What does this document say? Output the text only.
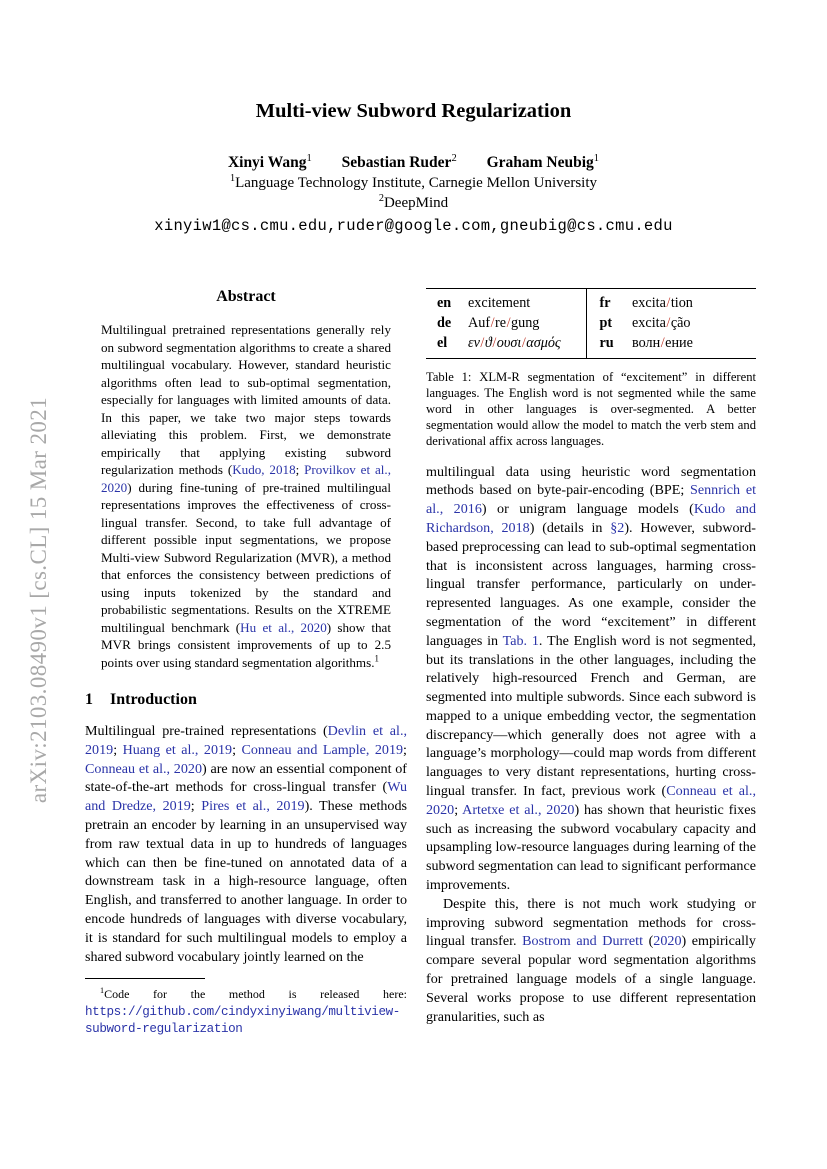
arXiv:2103.08490v1 [cs.CL] 15 Mar 2021
Multi-view Subword Regularization
Xinyi Wang$^1$ Sebastian Ruder$^2$ Graham Neubig$^1$
$^1$Language Technology Institute, Carnegie Mellon University
$^2$DeepMind
xinyiw1@cs.cmu.edu,ruder@google.com,gneubig@cs.cmu.edu
Abstract

Multilingual pretrained representations generally rely on subword segmentation algorithms to create a shared multilingual vocabulary. However, standard heuristic algorithms often lead to sub-optimal segmentation, especially for languages with limited amounts of data. In this paper, we take two major steps towards alleviating this problem. First, we demonstrate empirically that applying existing subword regularization methods (Kudo, 2018; Provilkov et al., 2020) during fine-tuning of pre-trained multilingual representations improves the effectiveness of cross-lingual transfer. Second, to take full advantage of different possible input segmentations, we propose Multi-view Subword Regularization (MVR), a method that enforces the consistency between predictions of using inputs tokenized by the standard and probabilistic segmentations. Results on the XTREME multilingual benchmark (Hu et al., 2020) show that MVR brings consistent improvements of up to 2.5 points over using standard segmentation algorithms.$^1$

1 Introduction

Multilingual pre-trained representations (Devlin et al., 2019; Huang et al., 2019; Conneau and Lample, 2019; Conneau et al., 2020) are now an essential component of state-of-the-art methods for cross-lingual transfer (Wu and Dredze, 2019; Pires et al., 2019). These methods pretrain an encoder by learning in an unsupervised way from raw textual data in up to hundreds of languages which can then be fine-tuned on annotated data of a downstream task in a high-resource language, often English, and transferred to another language. In order to encode hundreds of languages with diverse vocabulary, it is standard for such multilingual models to employ a shared subword vocabulary jointly learned on the

$^1$Code for the method is released here: https://github.com/cindyxinyiwang/multiview-subword-regularization

en	excitement	fr	excita/tion
de	Auf/re/gung	pt	excita/ção
el	εν/ϑ/ουσι/ασμός	ru	волн/ение

Table 1: XLM-R segmentation of “excitement” in different languages. The English word is not segmented while the same word in other languages is over-segmented. A better segmentation would allow the model to match the verb stem and derivational affix across languages.

multilingual data using heuristic word segmentation methods based on byte-pair-encoding (BPE; Sennrich et al., 2016) or unigram language models (Kudo and Richardson, 2018) (details in §2). However, subword-based preprocessing can lead to sub-optimal segmentation that is inconsistent across languages, harming cross-lingual transfer performance, particularly on under-represented languages. As one example, consider the segmentation of the word “excitement” in different languages in Tab. 1. The English word is not segmented, but its translations in the other languages, including the relatively high-resourced French and German, are segmented into multiple subwords. Since each subword is mapped to a unique embedding vector, the segmentation discrepancy—which generally does not agree with a language’s morphology—could map words from different languages to very distant representations, hurting cross-lingual transfer. In fact, previous work (Conneau et al., 2020; Artetxe et al., 2020) has shown that heuristic fixes such as increasing the subword vocabulary capacity and upsampling low-resource languages during learning of the subword segmentation can lead to significant performance improvements.

Despite this, there is not much work studying or improving subword segmentation methods for cross-lingual transfer. Bostrom and Durrett (2020) empirically compare several popular word segmentation algorithms for pretrained language models of a single language. Several works propose to use different representation granularities, such as
